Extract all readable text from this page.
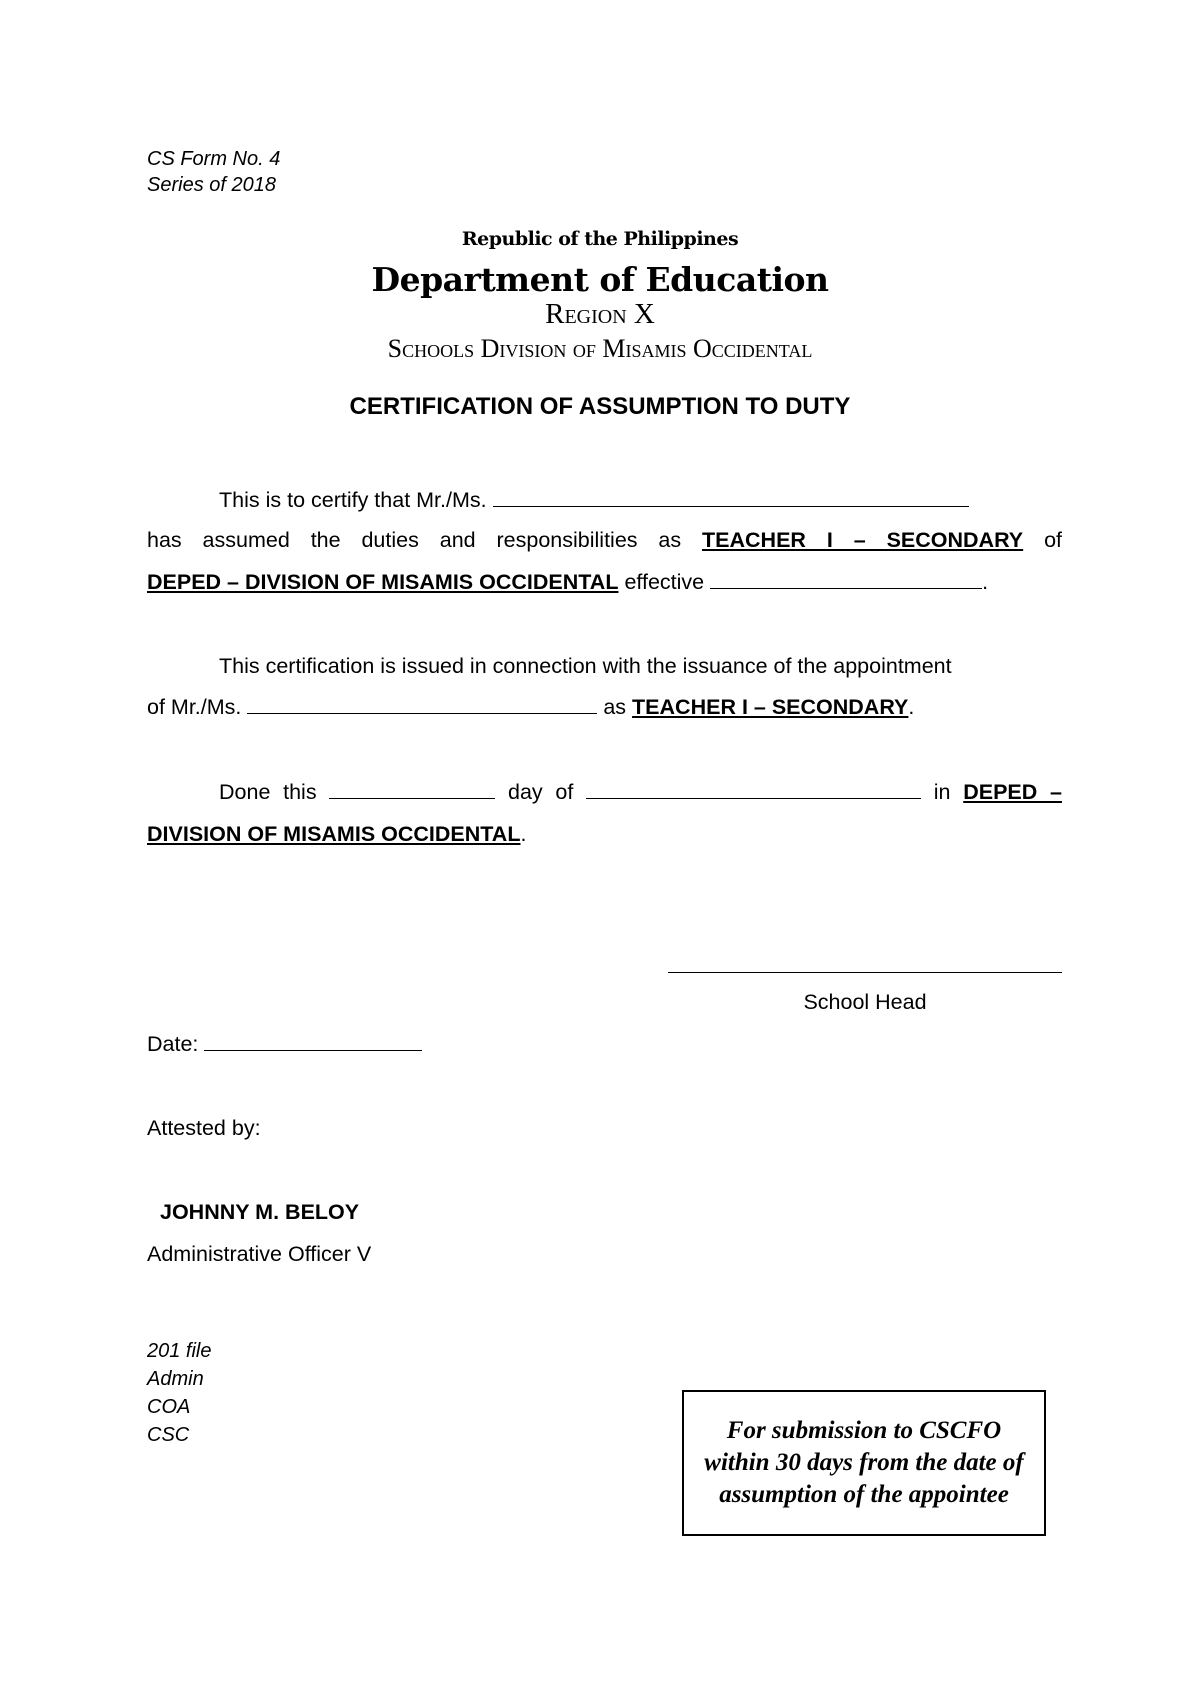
CS Form No. 4
Series of 2018
Republic of the Philippines
Department of Education
Region X
Schools Division of Misamis Occidental
CERTIFICATION OF ASSUMPTION TO DUTY
This is to certify that Mr./Ms.
has assumed the duties and responsibilities as TEACHER I – SECONDARY of
DEPED – DIVISION OF MISAMIS OCCIDENTAL effective	.
This certification is issued in connection with the issuance of the appointment
of Mr./Ms.	as TEACHER I – SECONDARY.
Done this	day of	in DEPED –
DIVISION OF MISAMIS OCCIDENTAL.
School Head
Date:
Attested by:
JOHNNY M. BELOY
Administrative Officer V
201 file
Admin
COA
CSC	For submission to CSCFO within 30 days from the date of assumption of the appointee
